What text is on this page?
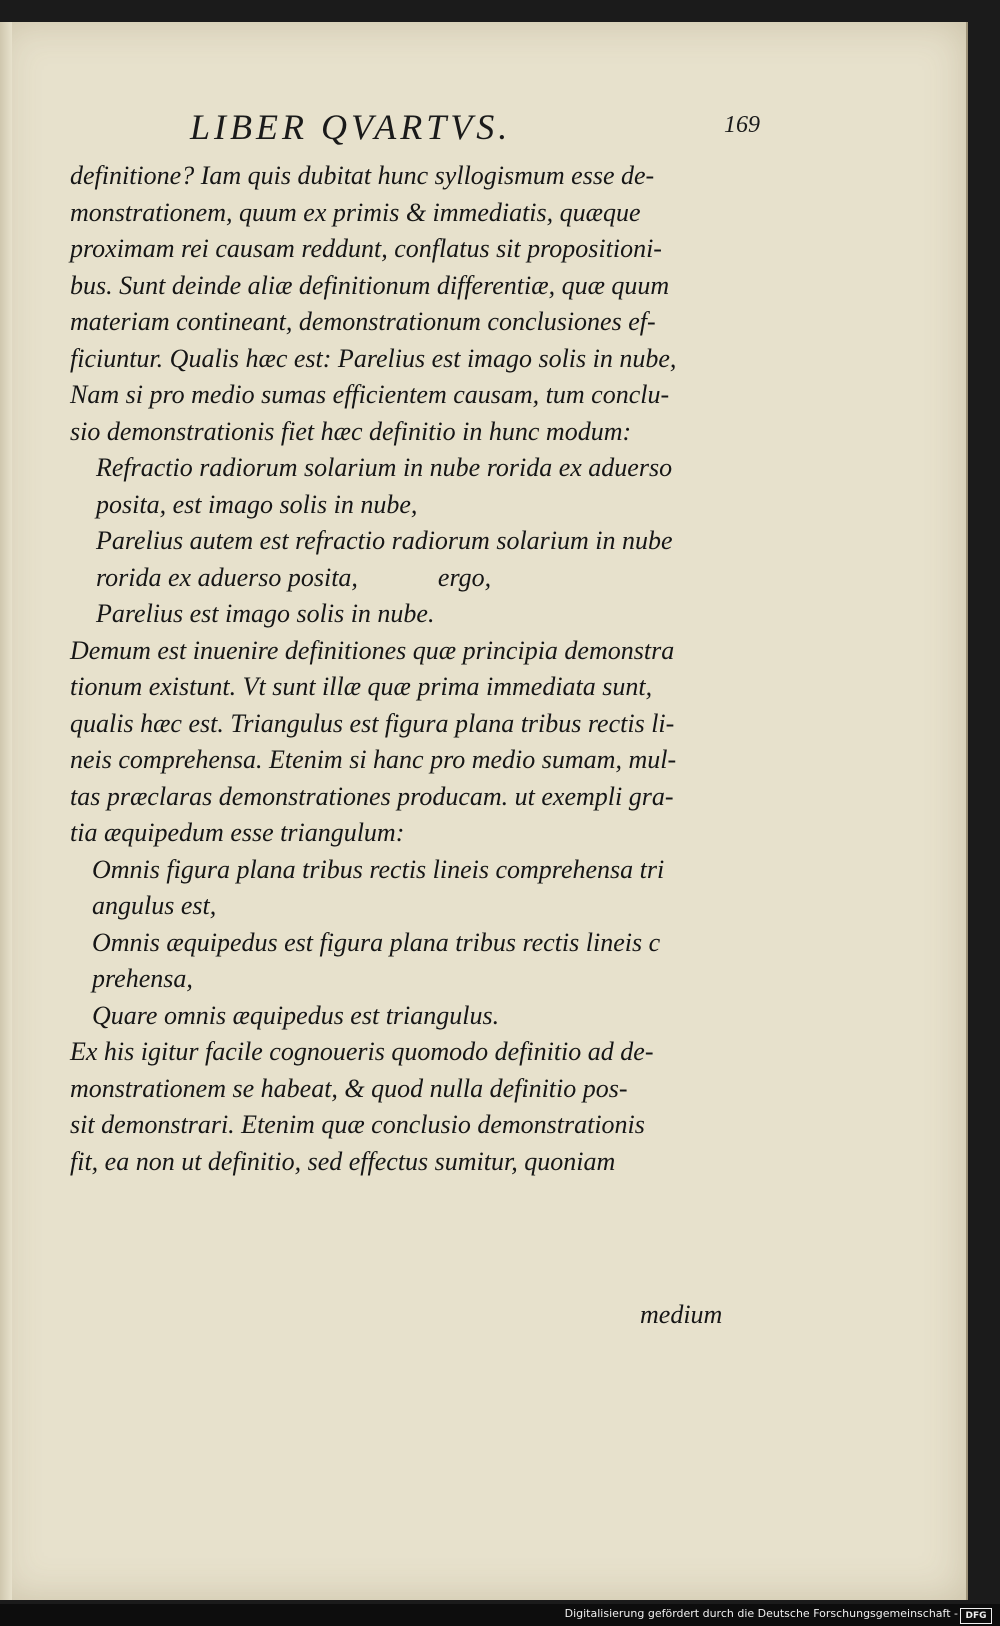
LIBER QVARTVS.	169
definitione? Iam quis dubitat hunc syllogismum esse de-
monstrationem, quum ex primis & immediatis, quæque
proximam rei causam reddunt, conflatus sit propositioni-
bus. Sunt deinde aliæ definitionum differentiæ, quæ quum
materiam contineant, demonstrationum conclusiones ef-
ficiuntur. Qualis hæc est: Parelius est imago solis in nube,
Nam si pro medio sumas efficientem causam, tum conclu-
sio demonstrationis fiet hæc definitio in hunc modum:
Refractio radiorum solarium in nube rorida ex aduerso
posita, est imago solis in nube,
Parelius autem est refractio radiorum solarium in nube
rorida ex aduerso posita,	ergo,
Parelius est imago solis in nube.
Demum est inuenire definitiones quæ principia demonstra
tionum existunt. Vt sunt illæ quæ prima immediata sunt,
qualis hæc est. Triangulus est figura plana tribus rectis li-
neis comprehensa. Etenim si hanc pro medio sumam, mul-
tas præclaras demonstrationes producam. ut exempli gra-
tia æquipedum esse triangulum:
Omnis figura plana tribus rectis lineis comprehensa tri
angulus est,
Omnis æquipedus est figura plana tribus rectis lineis c
prehensa,
Quare omnis æquipedus est triangulus.
Ex his igitur facile cognoueris quomodo definitio ad de-
monstrationem se habeat, & quod nulla definitio pos-
sit demonstrari. Etenim quæ conclusio demonstrationis
fit, ea non ut definitio, sed effectus sumitur, quoniam
medium
Digitalisierung gefördert durch die Deutsche Forschungsgemeinschaft - DFG
